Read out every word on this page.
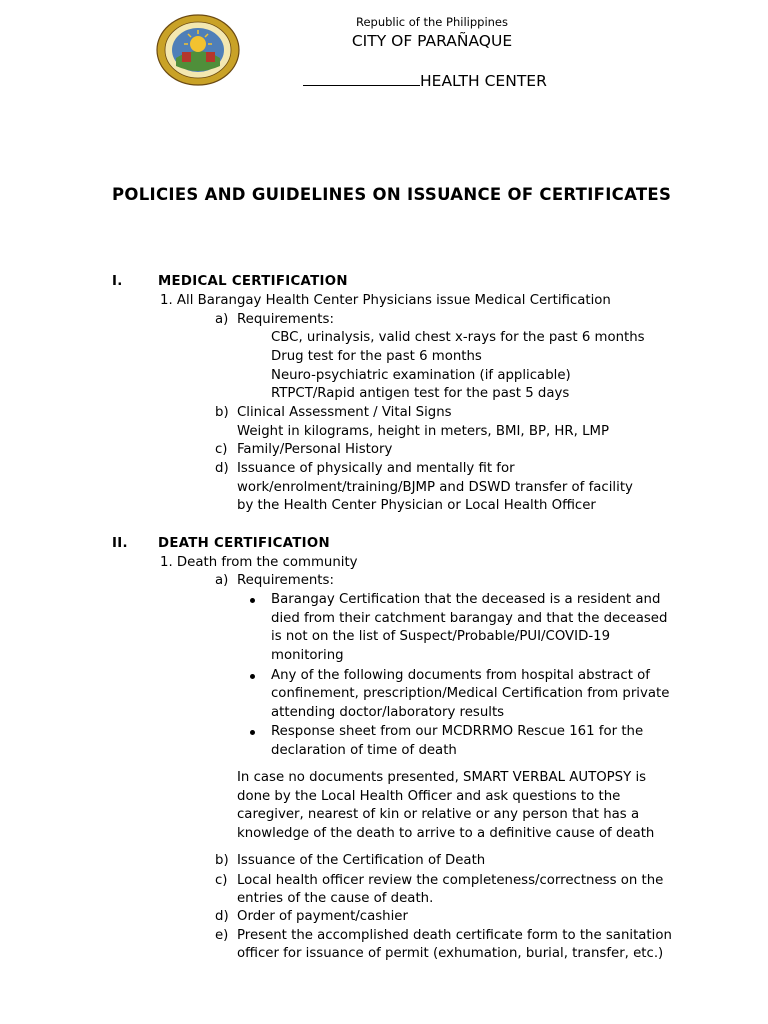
Republic of the Philippines
CITY OF PARAÑAQUE
HEALTH CENTER
POLICIES AND GUIDELINES ON ISSUANCE OF CERTIFICATES
I.	MEDICAL CERTIFICATION
1. All Barangay Health Center Physicians issue Medical Certification
a) Requirements:
CBC, urinalysis, valid chest x-rays for the past 6 months
Drug test for the past 6 months
Neuro-psychiatric examination (if applicable)
RTPCT/Rapid antigen test for the past 5 days
b) Clinical Assessment / Vital Signs
Weight in kilograms, height in meters, BMI, BP, HR, LMP
c) Family/Personal History
d) Issuance of physically and mentally fit for
work/enrolment/training/BJMP and DSWD transfer of facility
by the Health Center Physician or Local Health Officer
II. DEATH CERTIFICATION
1. Death from the community
a) Requirements:
Barangay Certification that the deceased is a resident and
died from their catchment barangay and that the deceased
is not on the list of Suspect/Probable/PUI/COVID-19
monitoring
Any of the following documents from hospital abstract of
confinement, prescription/Medical Certification from private
attending doctor/laboratory results
Response sheet from our MCDRRMO Rescue 161 for the
declaration of time of death
In case no documents presented, SMART VERBAL AUTOPSY is
done by the Local Health Officer and ask questions to the
caregiver, nearest of kin or relative or any person that has a
knowledge of the death to arrive to a definitive cause of death
b) Issuance of the Certification of Death
c) Local health officer review the completeness/correctness on the
entries of the cause of death.
d) Order of payment/cashier
e) Present the accomplished death certificate form to the sanitation
officer for issuance of permit (exhumation, burial, transfer, etc.)
